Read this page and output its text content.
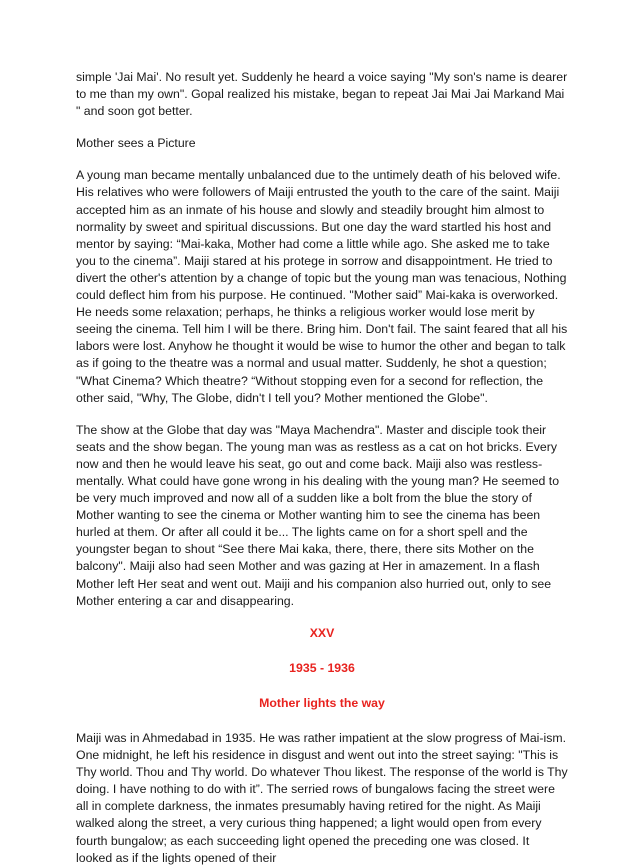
simple 'Jai Mai'. No result yet. Suddenly he heard a voice saying "My son's name is dearer to me than my own". Gopal realized his mistake, began to repeat Jai Mai Jai Markand Mai " and soon got better.

Mother sees a Picture

A young man became mentally unbalanced due to the untimely death of his beloved wife. His relatives who were followers of Maiji entrusted the youth to the care of the saint. Maiji accepted him as an inmate of his house and slowly and steadily brought him almost to normality by sweet and spiritual discussions. But one day the ward startled his host and mentor by saying: “Mai-kaka, Mother had come a little while ago. She asked me to take you to the cinema”. Maiji stared at his protege in sorrow and disappointment. He tried to divert the other's attention by a change of topic but the young man was tenacious, Nothing could deflect him from his purpose. He continued. "Mother said” Mai-kaka is overworked. He needs some relaxation; perhaps, he thinks a religious worker would lose merit by seeing the cinema. Tell him I will be there. Bring him. Don't fail. The saint feared that all his labors were lost. Anyhow he thought it would be wise to humor the other and began to talk as if going to the theatre was a normal and usual matter. Suddenly, he shot a question; "What Cinema? Which theatre? “Without stopping even for a second for reflection, the other said, "Why, The Globe, didn't I tell you? Mother mentioned the Globe".

The show at the Globe that day was "Maya Machendra". Master and disciple took their seats and the show began. The young man was as restless as a cat on hot bricks. Every now and then he would leave his seat, go out and come back. Maiji also was restless-mentally. What could have gone wrong in his dealing with the young man? He seemed to be very much improved and now all of a sudden like a bolt from the blue the story of Mother wanting to see the cinema or Mother wanting him to see the cinema has been hurled at them. Or after all could it be... The lights came on for a short spell and the youngster began to shout “See there Mai kaka, there, there, there sits Mother on the balcony". Maiji also had seen Mother and was gazing at Her in amazement. In a flash Mother left Her seat and went out. Maiji and his companion also hurried out, only to see Mother entering a car and disappearing.

XXV

1935 - 1936

Mother lights the way

Maiji was in Ahmedabad in 1935. He was rather impatient at the slow progress of Mai-ism. One midnight, he left his residence in disgust and went out into the street saying: "This is Thy world. Thou and Thy world. Do whatever Thou likest. The response of the world is Thy doing. I have nothing to do with it”. The serried rows of bungalows facing the street were all in complete darkness, the inmates presumably having retired for the night. As Maiji walked along the street, a very curious thing happened; a light would open from every fourth bungalow; as each succeeding light opened the preceding one was closed. It looked as if the lights opened of their
